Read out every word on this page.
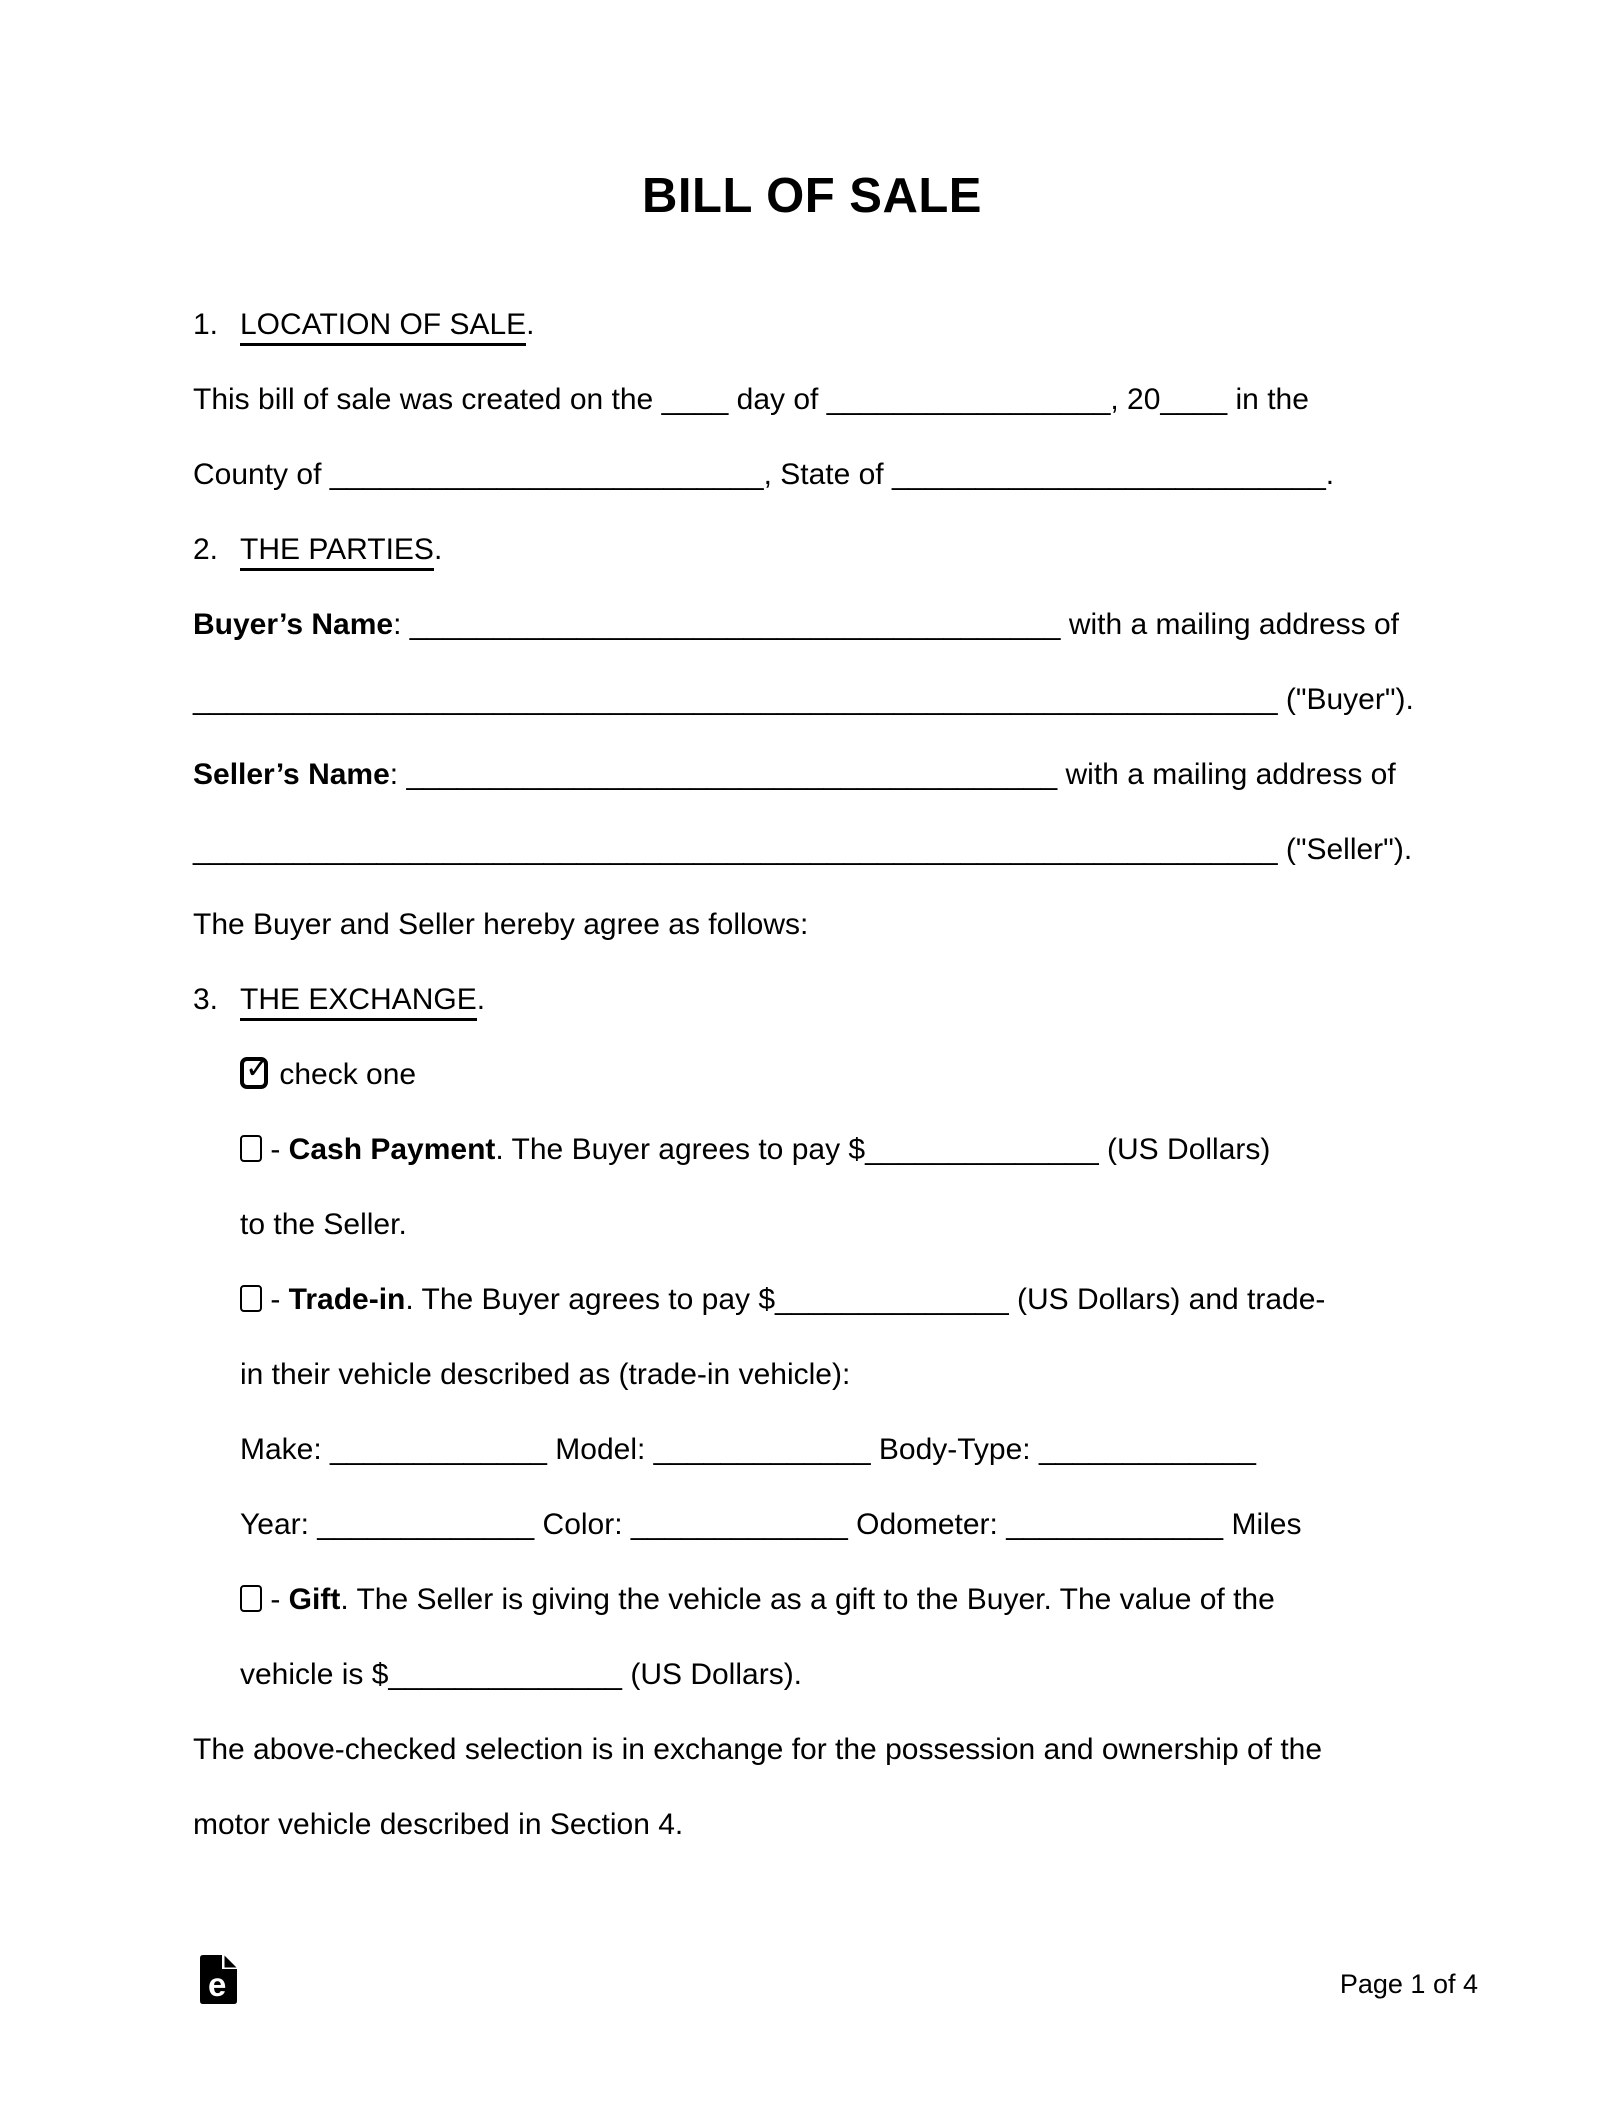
BILL OF SALE
1. LOCATION OF SALE.
This bill of sale was created on the ____ day of _________________, 20____ in the
County of __________________________, State of __________________________.
2. THE PARTIES.
Buyer’s Name: _______________________________________ with a mailing address of
_________________________________________________________________ ("Buyer").
Seller’s Name: _______________________________________ with a mailing address of
_________________________________________________________________ ("Seller").
The Buyer and Seller hereby agree as follows:
3. THE EXCHANGE.
✓ check one
- Cash Payment. The Buyer agrees to pay $______________ (US Dollars)
to the Seller.
- Trade-in. The Buyer agrees to pay $______________ (US Dollars) and trade-
in their vehicle described as (trade-in vehicle):
Make: _____________ Model: _____________ Body-Type: _____________
Year: _____________ Color: _____________ Odometer: _____________ Miles
- Gift. The Seller is giving the vehicle as a gift to the Buyer. The value of the
vehicle is $______________ (US Dollars).
The above-checked selection is in exchange for the possession and ownership of the
motor vehicle described in Section 4.
e	Page 1 of 4
